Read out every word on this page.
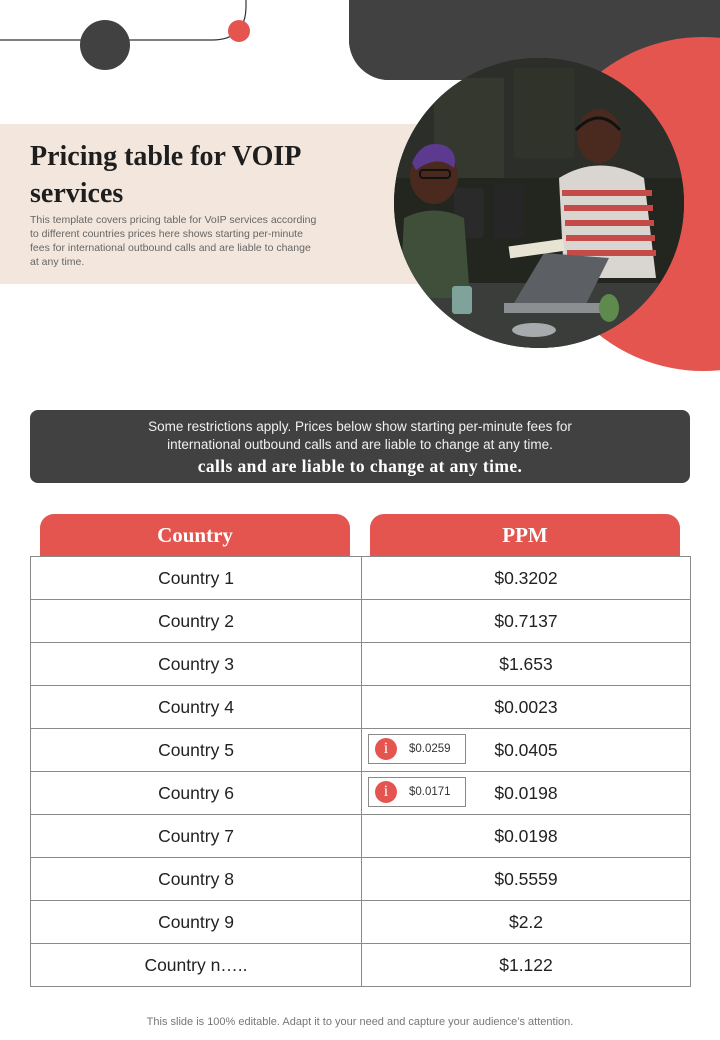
Pricing table for VOIP services

This template covers pricing table for VoIP services according to different countries prices here shows starting per-minute fees for international outbound calls and are liable to change at any time.

Some restrictions apply. Prices below show starting per-minute fees for
international outbound calls and are liable to change at any time.

calls and are liable to change at any time.

Country	PPM
Country 1	$0.3202
Country 2	$0.7137
Country 3	$1.653
Country 4	$0.0023
Country 5	i $0.0259 $0.0405
Country 6	i $0.0171 $0.0198
Country 7	$0.0198
Country 8	$0.5559
Country 9	$2.2
Country n…..	$1.122

This slide is 100% editable. Adapt it to your need and capture your audience’s attention.
